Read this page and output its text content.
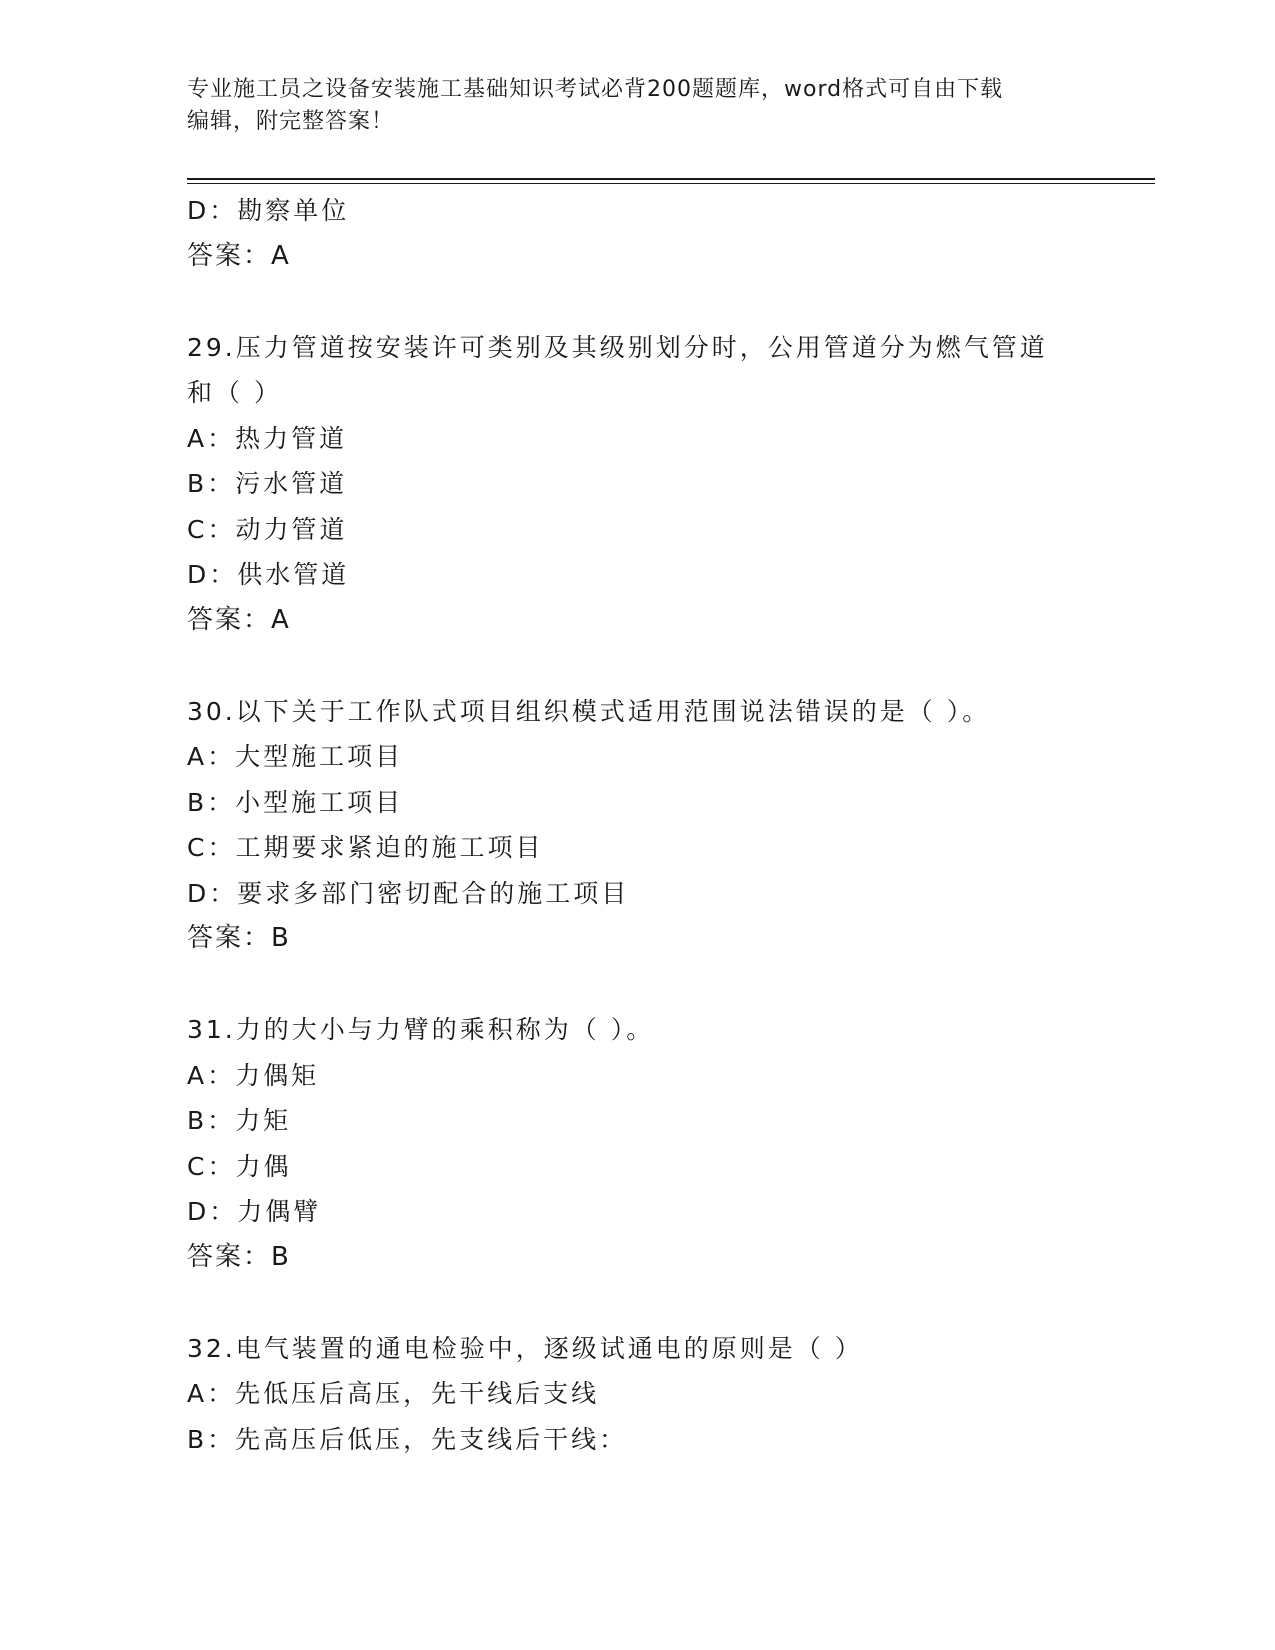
专业施工员之设备安装施工基础知识考试必背200题题库，word格式可自由下载
编辑，附完整答案！
D：勘察单位
答案：A
29.压力管道按安装许可类别及其级别划分时，公用管道分为燃气管道
和（ ）
A：热力管道
B：污水管道
C：动力管道
D：供水管道
答案：A
30.以下关于工作队式项目组织模式适用范围说法错误的是（ ）。
A：大型施工项目
B：小型施工项目
C：工期要求紧迫的施工项目
D：要求多部门密切配合的施工项目
答案：B
31.力的大小与力臂的乘积称为（ ）。
A：力偶矩
B：力矩
C：力偶
D：力偶臂
答案：B
32.电气装置的通电检验中，逐级试通电的原则是（ ）
A：先低压后高压，先干线后支线
B：先高压后低压，先支线后干线：
